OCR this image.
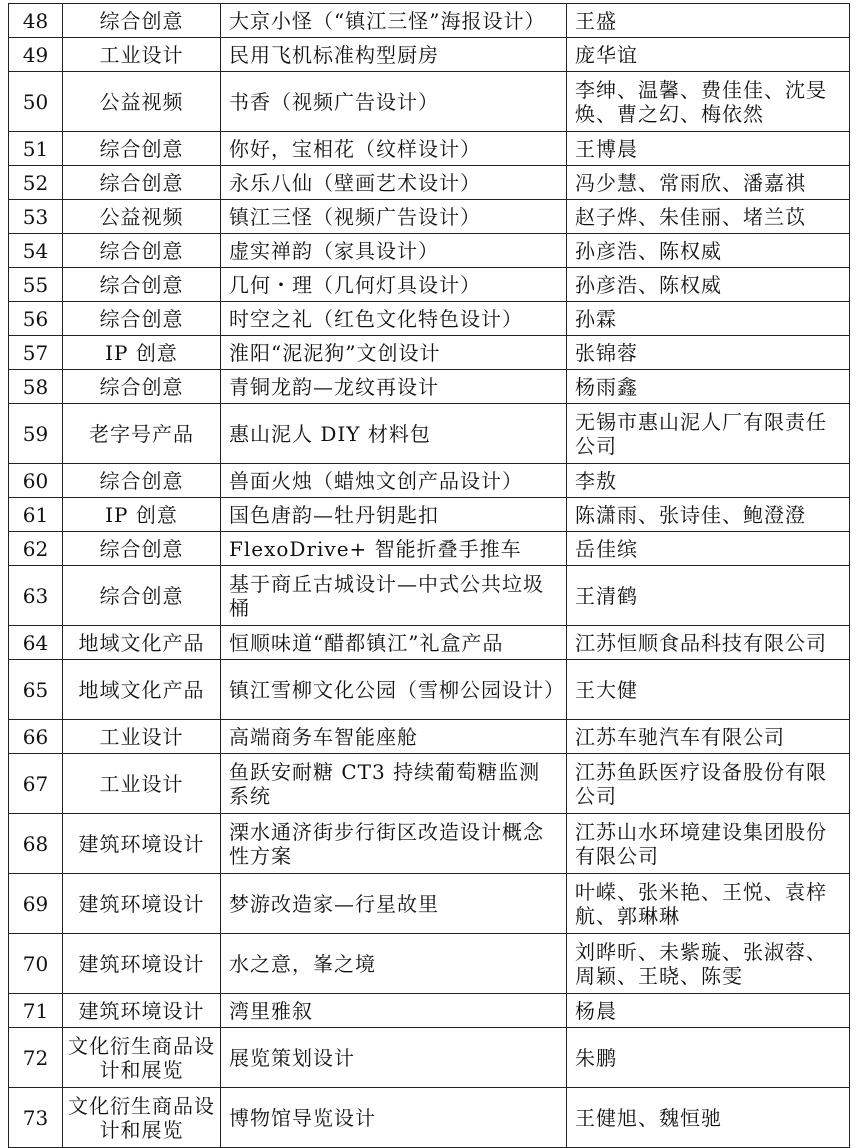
48	综合创意	大京小怪（“镇江三怪”海报设计）	王盛
49	工业设计	民用飞机标准构型厨房	庞华谊
50	公益视频	书香（视频广告设计）	李绅、温馨、费佳佳、沈旻焕、曹之幻、梅依然
51	综合创意	你好，宝相花（纹样设计）	王博晨
52	综合创意	永乐八仙（壁画艺术设计）	冯少慧、常雨欣、潘嘉祺
53	公益视频	镇江三怪（视频广告设计）	赵子烨、朱佳丽、堵兰苡
54	综合创意	虚实禅韵（家具设计）	孙彦浩、陈权威
55	综合创意	几何・理（几何灯具设计）	孙彦浩、陈权威
56	综合创意	时空之礼（红色文化特色设计）	孙霖
57	IP 创意	淮阳“泥泥狗”文创设计	张锦蓉
58	综合创意	青铜龙韵—龙纹再设计	杨雨鑫
59	老字号产品	惠山泥人 DIY 材料包	无锡市惠山泥人厂有限责任公司
60	综合创意	兽面火烛（蜡烛文创产品设计）	李敖
61	IP 创意	国色唐韵—牡丹钥匙扣	陈潇雨、张诗佳、鲍澄澄
62	综合创意	FlexoDrive+ 智能折叠手推车	岳佳缤
63	综合创意	基于商丘古城设计—中式公共垃圾桶	王清鹤
64	地域文化产品	恒顺味道“醋都镇江”礼盒产品	江苏恒顺食品科技有限公司
65	地域文化产品	镇江雪柳文化公园（雪柳公园设计）	王大健
66	工业设计	高端商务车智能座舱	江苏车驰汽车有限公司
67	工业设计	鱼跃安耐糖 CT3 持续葡萄糖监测系统	江苏鱼跃医疗设备股份有限公司
68	建筑环境设计	溧水通济街步行街区改造设计概念性方案	江苏山水环境建设集团股份有限公司
69	建筑环境设计	梦游改造家—行星故里	叶嵘、张米艳、王悦、袁梓航、郭琳琳
70	建筑环境设计	水之意，峯之境	刘晔昕、未紫璇、张淑蓉、周颖、王晓、陈雯
71	建筑环境设计	湾里雅叙	杨晨
72	文化衍生商品设计和展览	展览策划设计	朱鹏
73	文化衍生商品设计和展览	博物馆导览设计	王健旭、魏恒驰
